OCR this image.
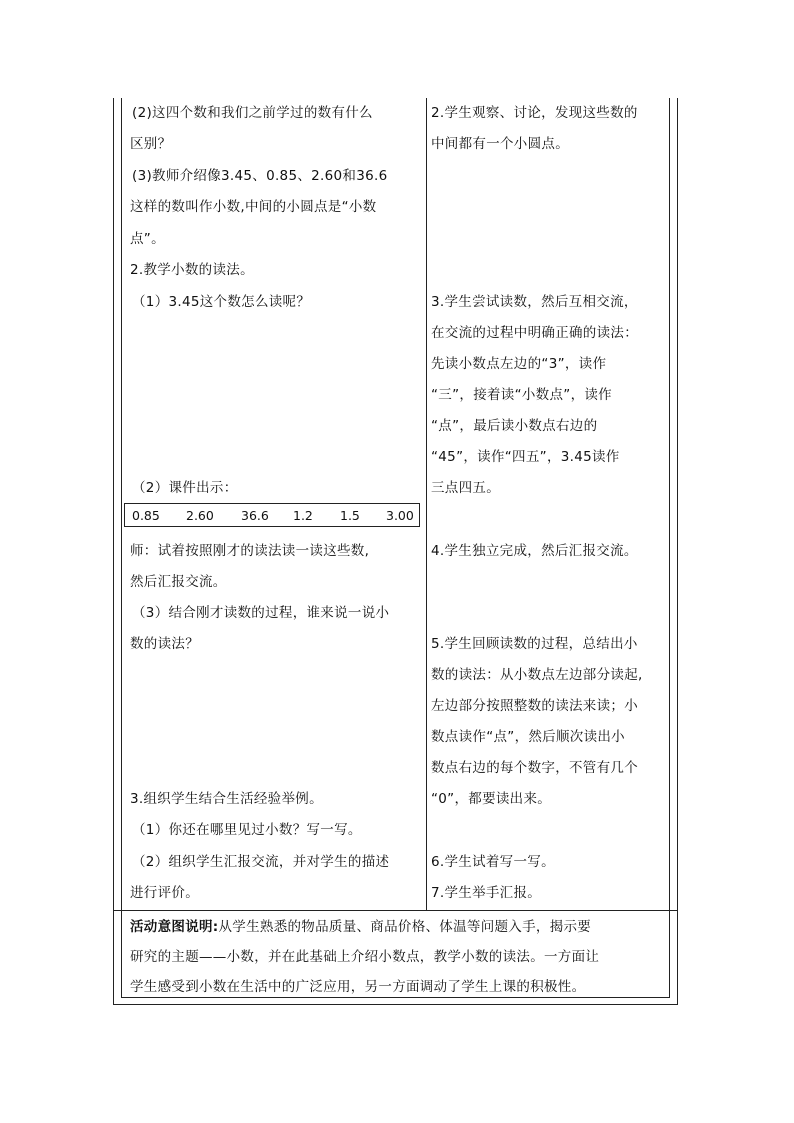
(2)这四个数和我们之前学过的数有什么
区别？
(3)教师介绍像3.45、0.85、2.60和36.6
这样的数叫作小数,中间的小圆点是“小数
点”。
2.教学小数的读法。
（1）3.45这个数怎么读呢？
（2）课件出示：
0.85 2.60 36.6 1.2 1.5 3.00
师：试着按照刚才的读法读一读这些数,
然后汇报交流。
（3）结合刚才读数的过程，谁来说一说小
数的读法？
3.组织学生结合生活经验举例。
（1）你还在哪里见过小数？写一写。
（2）组织学生汇报交流，并对学生的描述
进行评价。
2.学生观察、讨论，发现这些数的
中间都有一个小圆点。
3.学生尝试读数，然后互相交流，
在交流的过程中明确正确的读法：
先读小数点左边的“3”，读作
“三”，接着读“小数点”，读作
“点”，最后读小数点右边的
“45”，读作“四五”，3.45读作
三点四五。
4.学生独立完成，然后汇报交流。
5.学生回顾读数的过程，总结出小
数的读法：从小数点左边部分读起,
左边部分按照整数的读法来读；小
数点读作“点”，然后顺次读出小
数点右边的每个数字，不管有几个
“0”，都要读出来。
6.学生试着写一写。
7.学生举手汇报。
活动意图说明:从学生熟悉的物品质量、商品价格、体温等问题入手，揭示要
研究的主题——小数，并在此基础上介绍小数点，教学小数的读法。一方面让
学生感受到小数在生活中的广泛应用，另一方面调动了学生上课的积极性。
